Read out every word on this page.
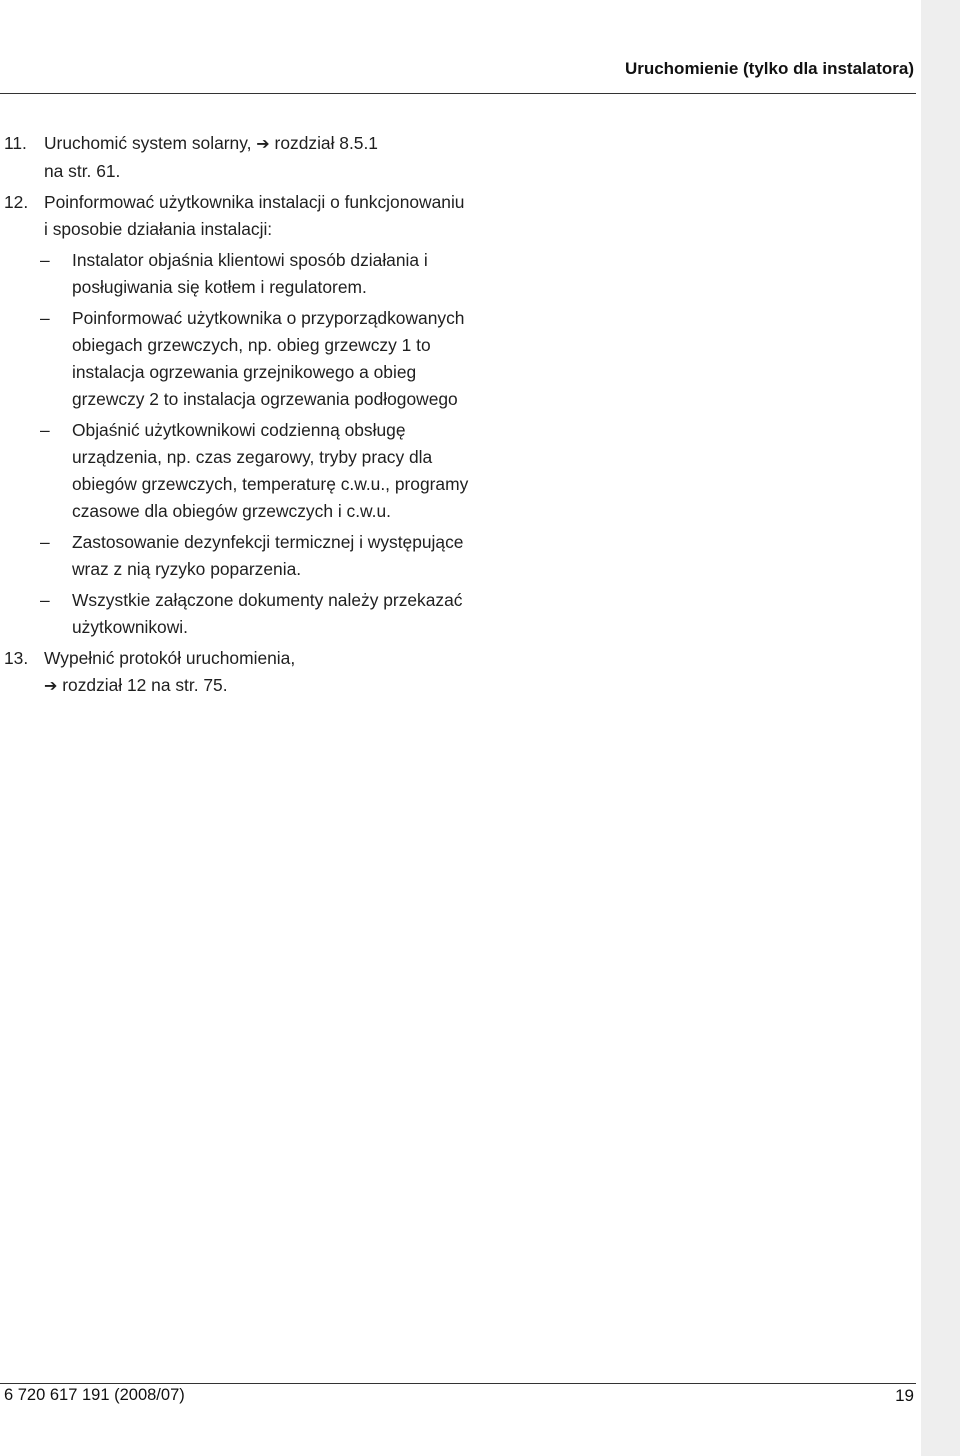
Uruchomienie (tylko dla instalatora)
11. Uruchomić system solarny, ➔ rozdział 8.5.1
na str. 61.
12. Poinformować użytkownika instalacji o funkcjonowaniu i sposobie działania instalacji:
– Instalator objaśnia klientowi sposób działania i posługiwania się kotłem i regulatorem.
– Poinformować użytkownika o przyporządkowanych obiegach grzewczych, np. obieg grzewczy 1 to instalacja ogrzewania grzejnikowego a obieg grzewczy 2 to instalacja ogrzewania podłogowego
– Objaśnić użytkownikowi codzienną obsługę urządzenia, np. czas zegarowy, tryby pracy dla obiegów grzewczych, temperaturę c.w.u., programy czasowe dla obiegów grzewczych i c.w.u.
– Zastosowanie dezynfekcji termicznej i występujące wraz z nią ryzyko poparzenia.
– Wszystkie załączone dokumenty należy przekazać użytkownikowi.
13. Wypełnić protokół uruchomienia,
➔ rozdział 12 na str. 75.
6 720 617 191 (2008/07)	19
